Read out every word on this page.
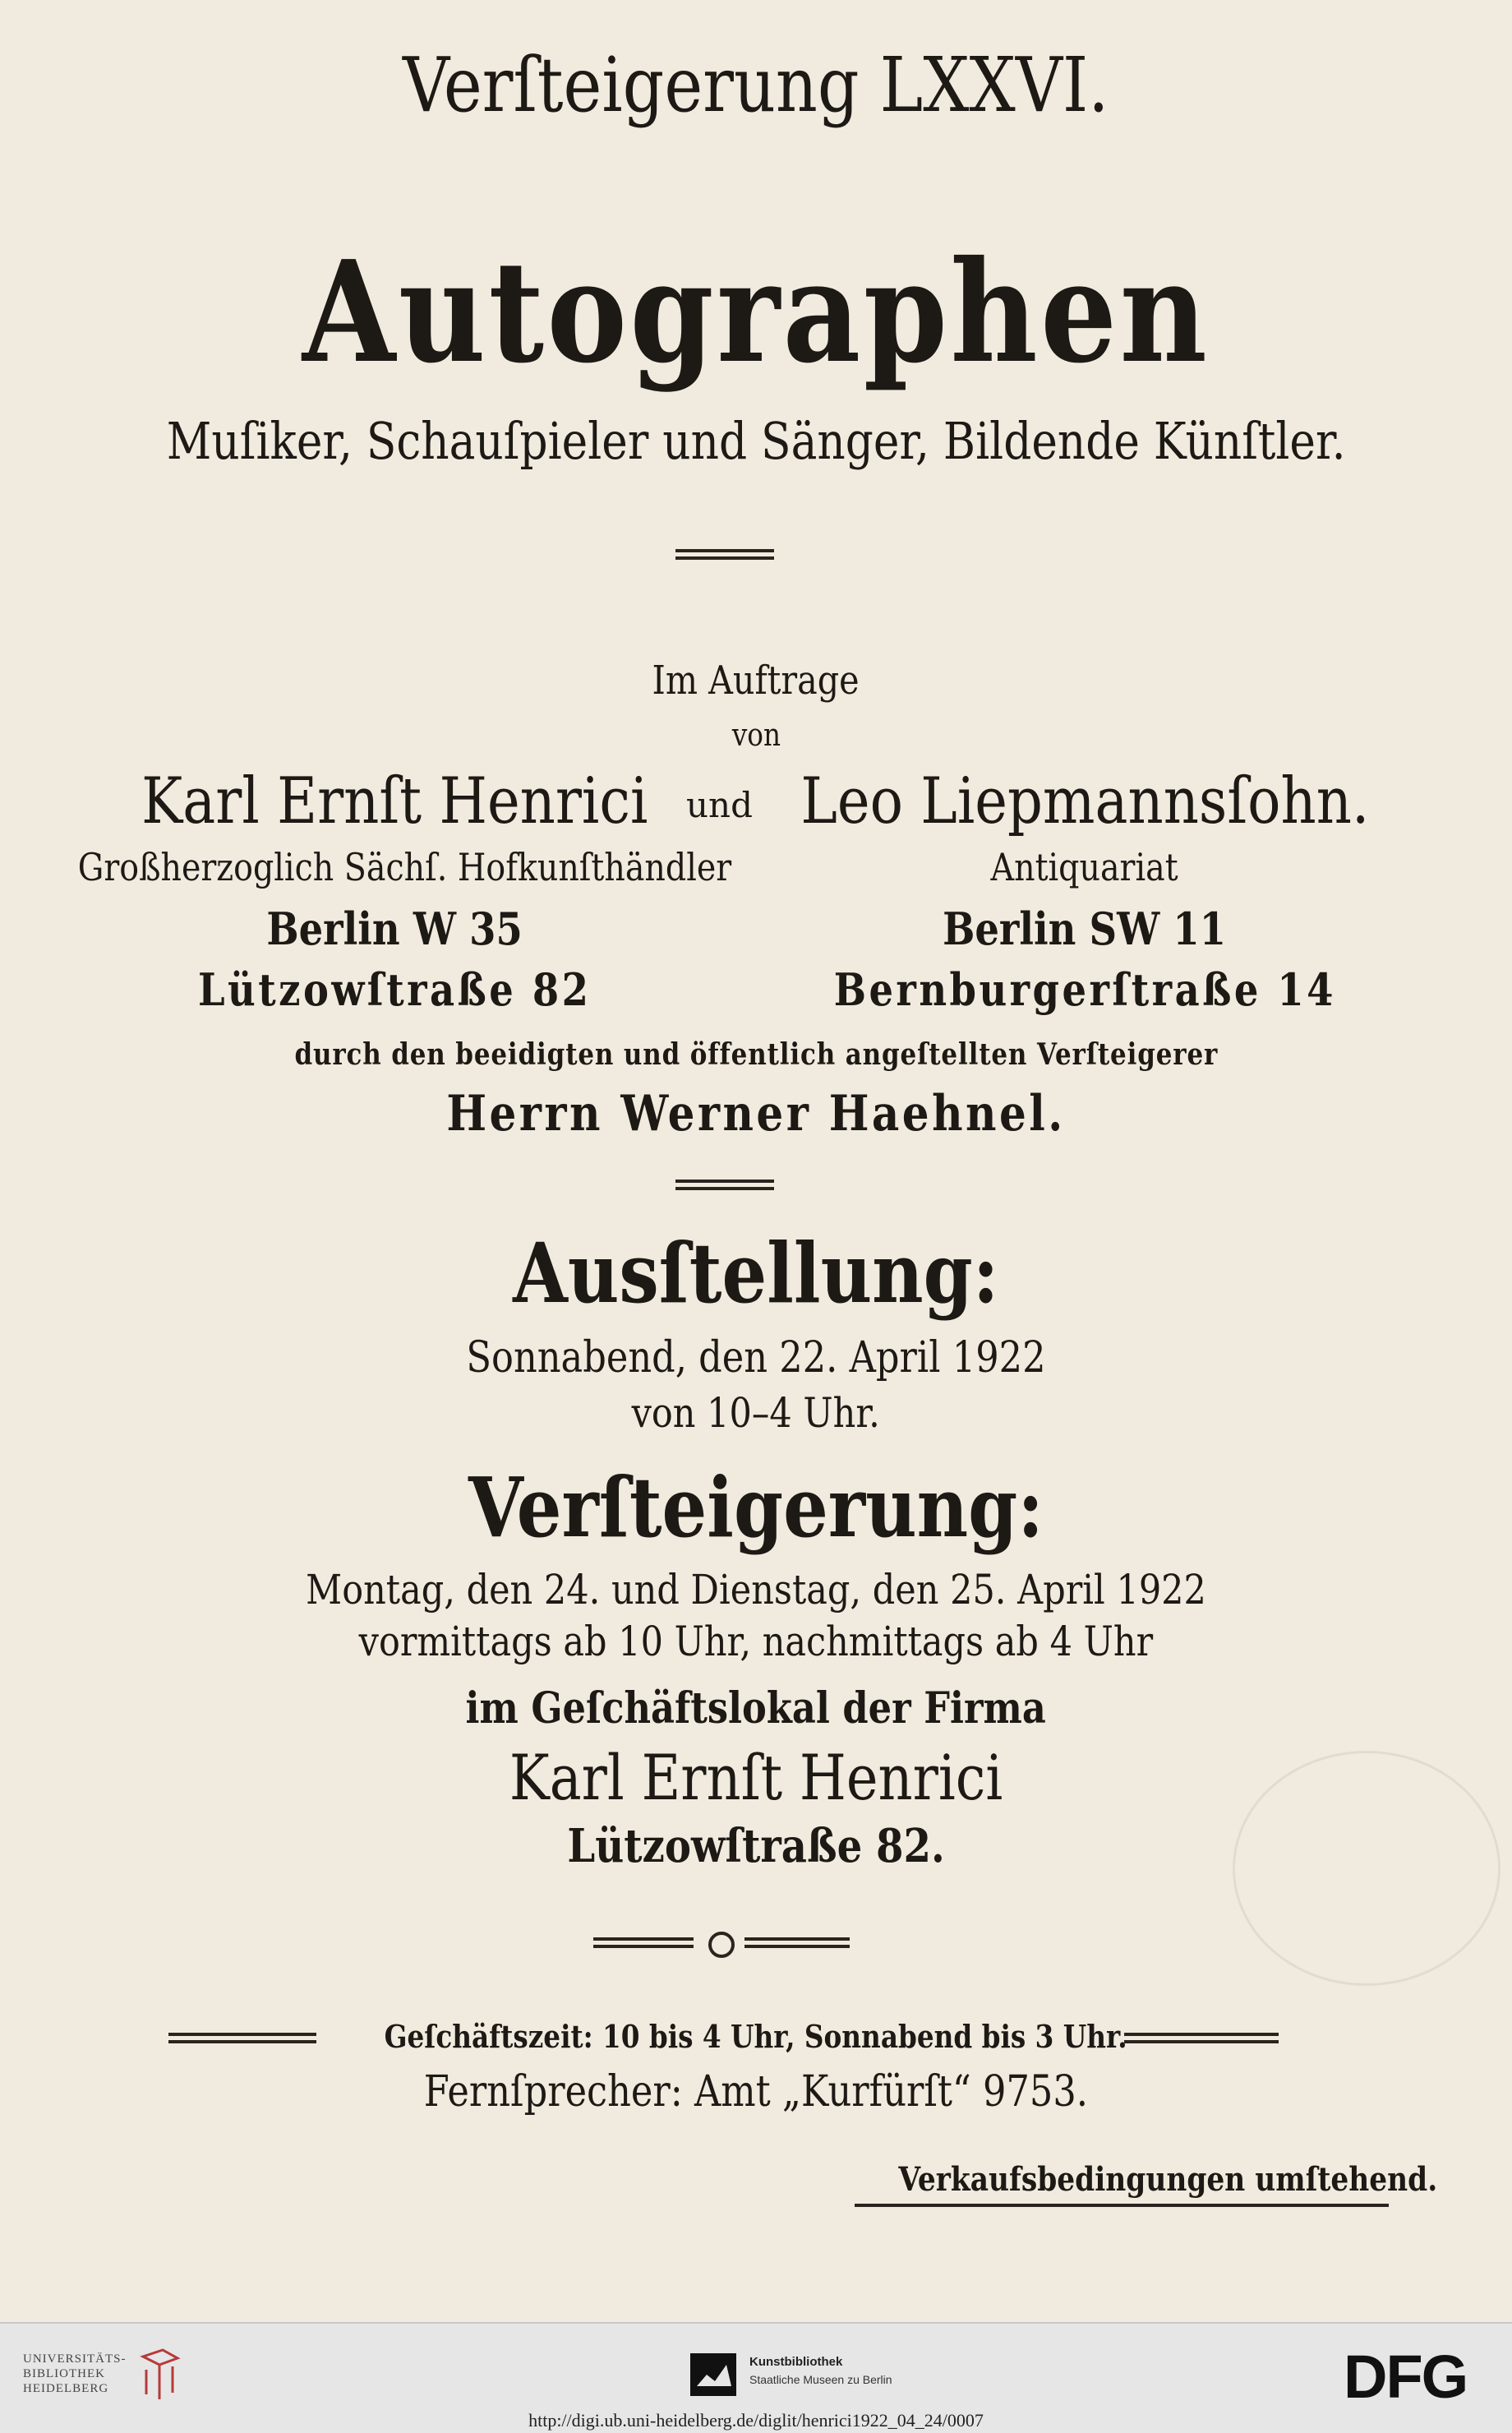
Verſteigerung LXXVI.
Autographen
Muſiker, Schauſpieler und Sänger, Bildende Künſtler.
Im Auftrage
von
Karl Ernſt Henrici	und Leo Liepmannsſohn.
Großherzoglich Sächſ. Hofkunſthändler	Antiquariat
Berlin W 35	Berlin SW 11
Lützowſtraße 82	Bernburgerſtraße 14
durch den beeidigten und öffentlich angeſtellten Verſteigerer
Herrn Werner Haehnel.
Ausſtellung:
Sonnabend, den 22. April 1922
von 10–4 Uhr.
Verſteigerung:
Montag, den 24. und Dienstag, den 25. April 1922
vormittags ab 10 Uhr, nachmittags ab 4 Uhr
im Geſchäftslokal der Firma
Karl Ernſt Henrici
Lützowſtraße 82.
Geſchäftszeit: 10 bis 4 Uhr, Sonnabend bis 3 Uhr.
Fernſprecher: Amt „Kurfürſt“ 9753.
Verkaufsbedingungen umſtehend.
UNIVERSITÄTS-
BIBLIOTHEK
HEIDELBERG
Kunstbibliothek
Staatliche Museen zu Berlin	DFG
http://digi.ub.uni-heidelberg.de/diglit/henrici1922_04_24/0007
